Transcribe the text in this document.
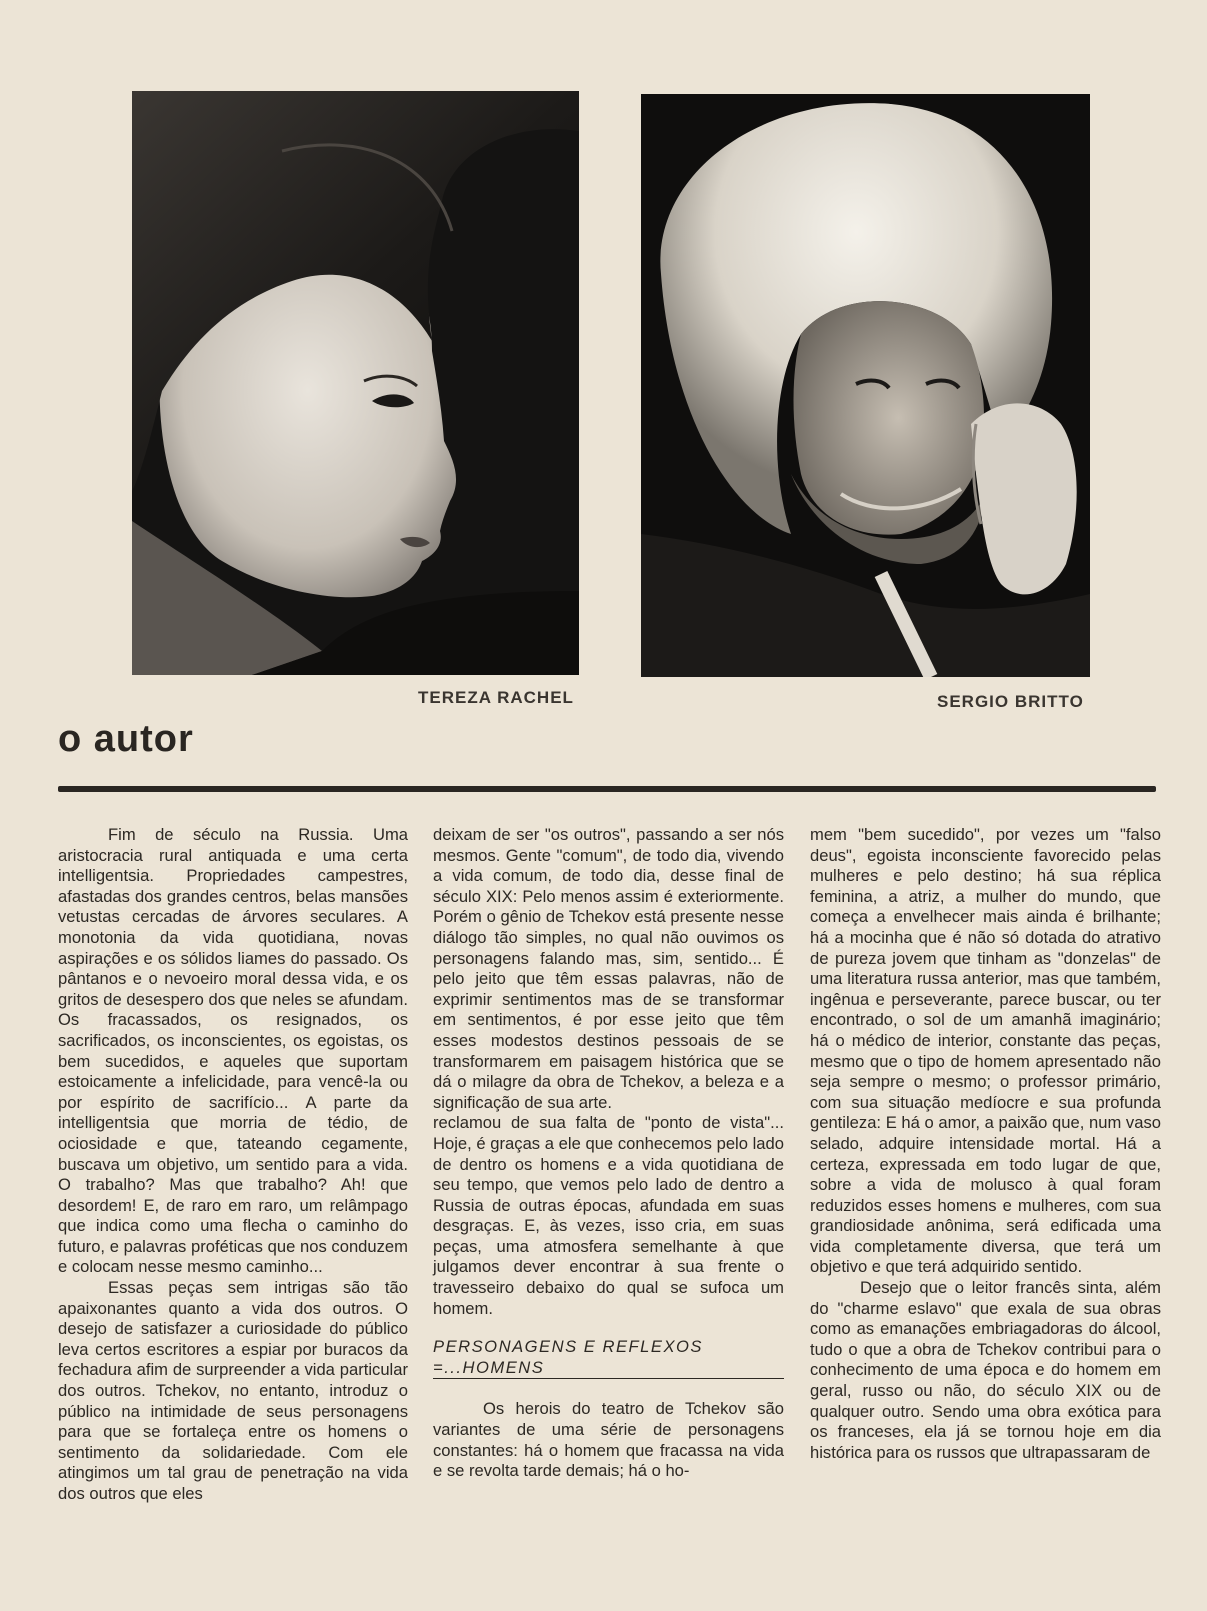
TEREZA RACHEL	SERGIO BRITTO
o autor

Fim de século na Russia. Uma aristocracia rural antiquada e uma certa intelligentsia. Propriedades campestres, afastadas dos grandes centros, belas mansões vetustas cercadas de árvores seculares. A monotonia da vida quotidiana, novas aspirações e os sólidos liames do passado. Os pântanos e o nevoeiro moral dessa vida, e os gritos de desespero dos que neles se afundam. Os fracassados, os resignados, os sacrificados, os inconscientes, os egoistas, os bem sucedidos, e aqueles que suportam estoicamente a infelicidade, para vencê-la ou por espírito de sacrifício... A parte da intelligentsia que morria de tédio, de ociosidade e que, tateando cegamente, buscava um objetivo, um sentido para a vida. O trabalho? Mas que trabalho? Ah! que desordem! E, de raro em raro, um relâmpago que indica como uma flecha o caminho do futuro, e palavras proféticas que nos conduzem e colocam nesse mesmo caminho...

Essas peças sem intrigas são tão apaixonantes quanto a vida dos outros. O desejo de satisfazer a curiosidade do público leva certos escritores a espiar por buracos da fechadura afim de surpreender a vida particular dos outros. Tchekov, no entanto, introduz o público na intimidade de seus personagens para que se fortaleça entre os homens o sentimento da solidariedade. Com ele atingimos um tal grau de penetração na vida dos outros que eles

deixam de ser "os outros", passando a ser nós mesmos. Gente "comum", de todo dia, vivendo a vida comum, de todo dia, desse final de século XIX: Pelo menos assim é exteriormente. Porém o gênio de Tchekov está presente nesse diálogo tão simples, no qual não ouvimos os personagens falando mas, sim, sentido... É pelo jeito que têm essas palavras, não de exprimir sentimentos mas de se transformar em sentimentos, é por esse jeito que têm esses modestos destinos pessoais de se transformarem em paisagem histórica que se dá o milagre da obra de Tchekov, a beleza e a significação de sua arte.

reclamou de sua falta de "ponto de vista"... Hoje, é graças a ele que conhecemos pelo lado de dentro os homens e a vida quotidiana de seu tempo, que vemos pelo lado de dentro a Russia de outras épocas, afundada em suas desgraças. E, às vezes, isso cria, em suas peças, uma atmosfera semelhante à que julgamos dever encontrar à sua frente o travesseiro debaixo do qual se sufoca um homem.

PERSONAGENS E REFLEXOS
=...HOMENS

Os herois do teatro de Tchekov são variantes de uma série de personagens constantes: há o homem que fracassa na vida e se revolta tarde demais; há o ho-

mem "bem sucedido", por vezes um "falso deus", egoista inconsciente favorecido pelas mulheres e pelo destino; há sua réplica feminina, a atriz, a mulher do mundo, que começa a envelhecer mais ainda é brilhante; há a mocinha que é não só dotada do atrativo de pureza jovem que tinham as "donzelas" de uma literatura russa anterior, mas que também, ingênua e perseverante, parece buscar, ou ter encontrado, o sol de um amanhã imaginário; há o médico de interior, constante das peças, mesmo que o tipo de homem apresentado não seja sempre o mesmo; o professor primário, com sua situação medíocre e sua profunda gentileza: E há o amor, a paixão que, num vaso selado, adquire intensidade mortal. Há a certeza, expressada em todo lugar de que, sobre a vida de molusco à qual foram reduzidos esses homens e mulheres, com sua grandiosidade anônima, será edificada uma vida completamente diversa, que terá um objetivo e que terá adquirido sentido.

Desejo que o leitor francês sinta, além do "charme eslavo" que exala de sua obras como as emanações embriagadoras do álcool, tudo o que a obra de Tchekov contribui para o conhecimento de uma época e do homem em geral, russo ou não, do século XIX ou de qualquer outro. Sendo uma obra exótica para os franceses, ela já se tornou hoje em dia histórica para os russos que ultrapassaram de
